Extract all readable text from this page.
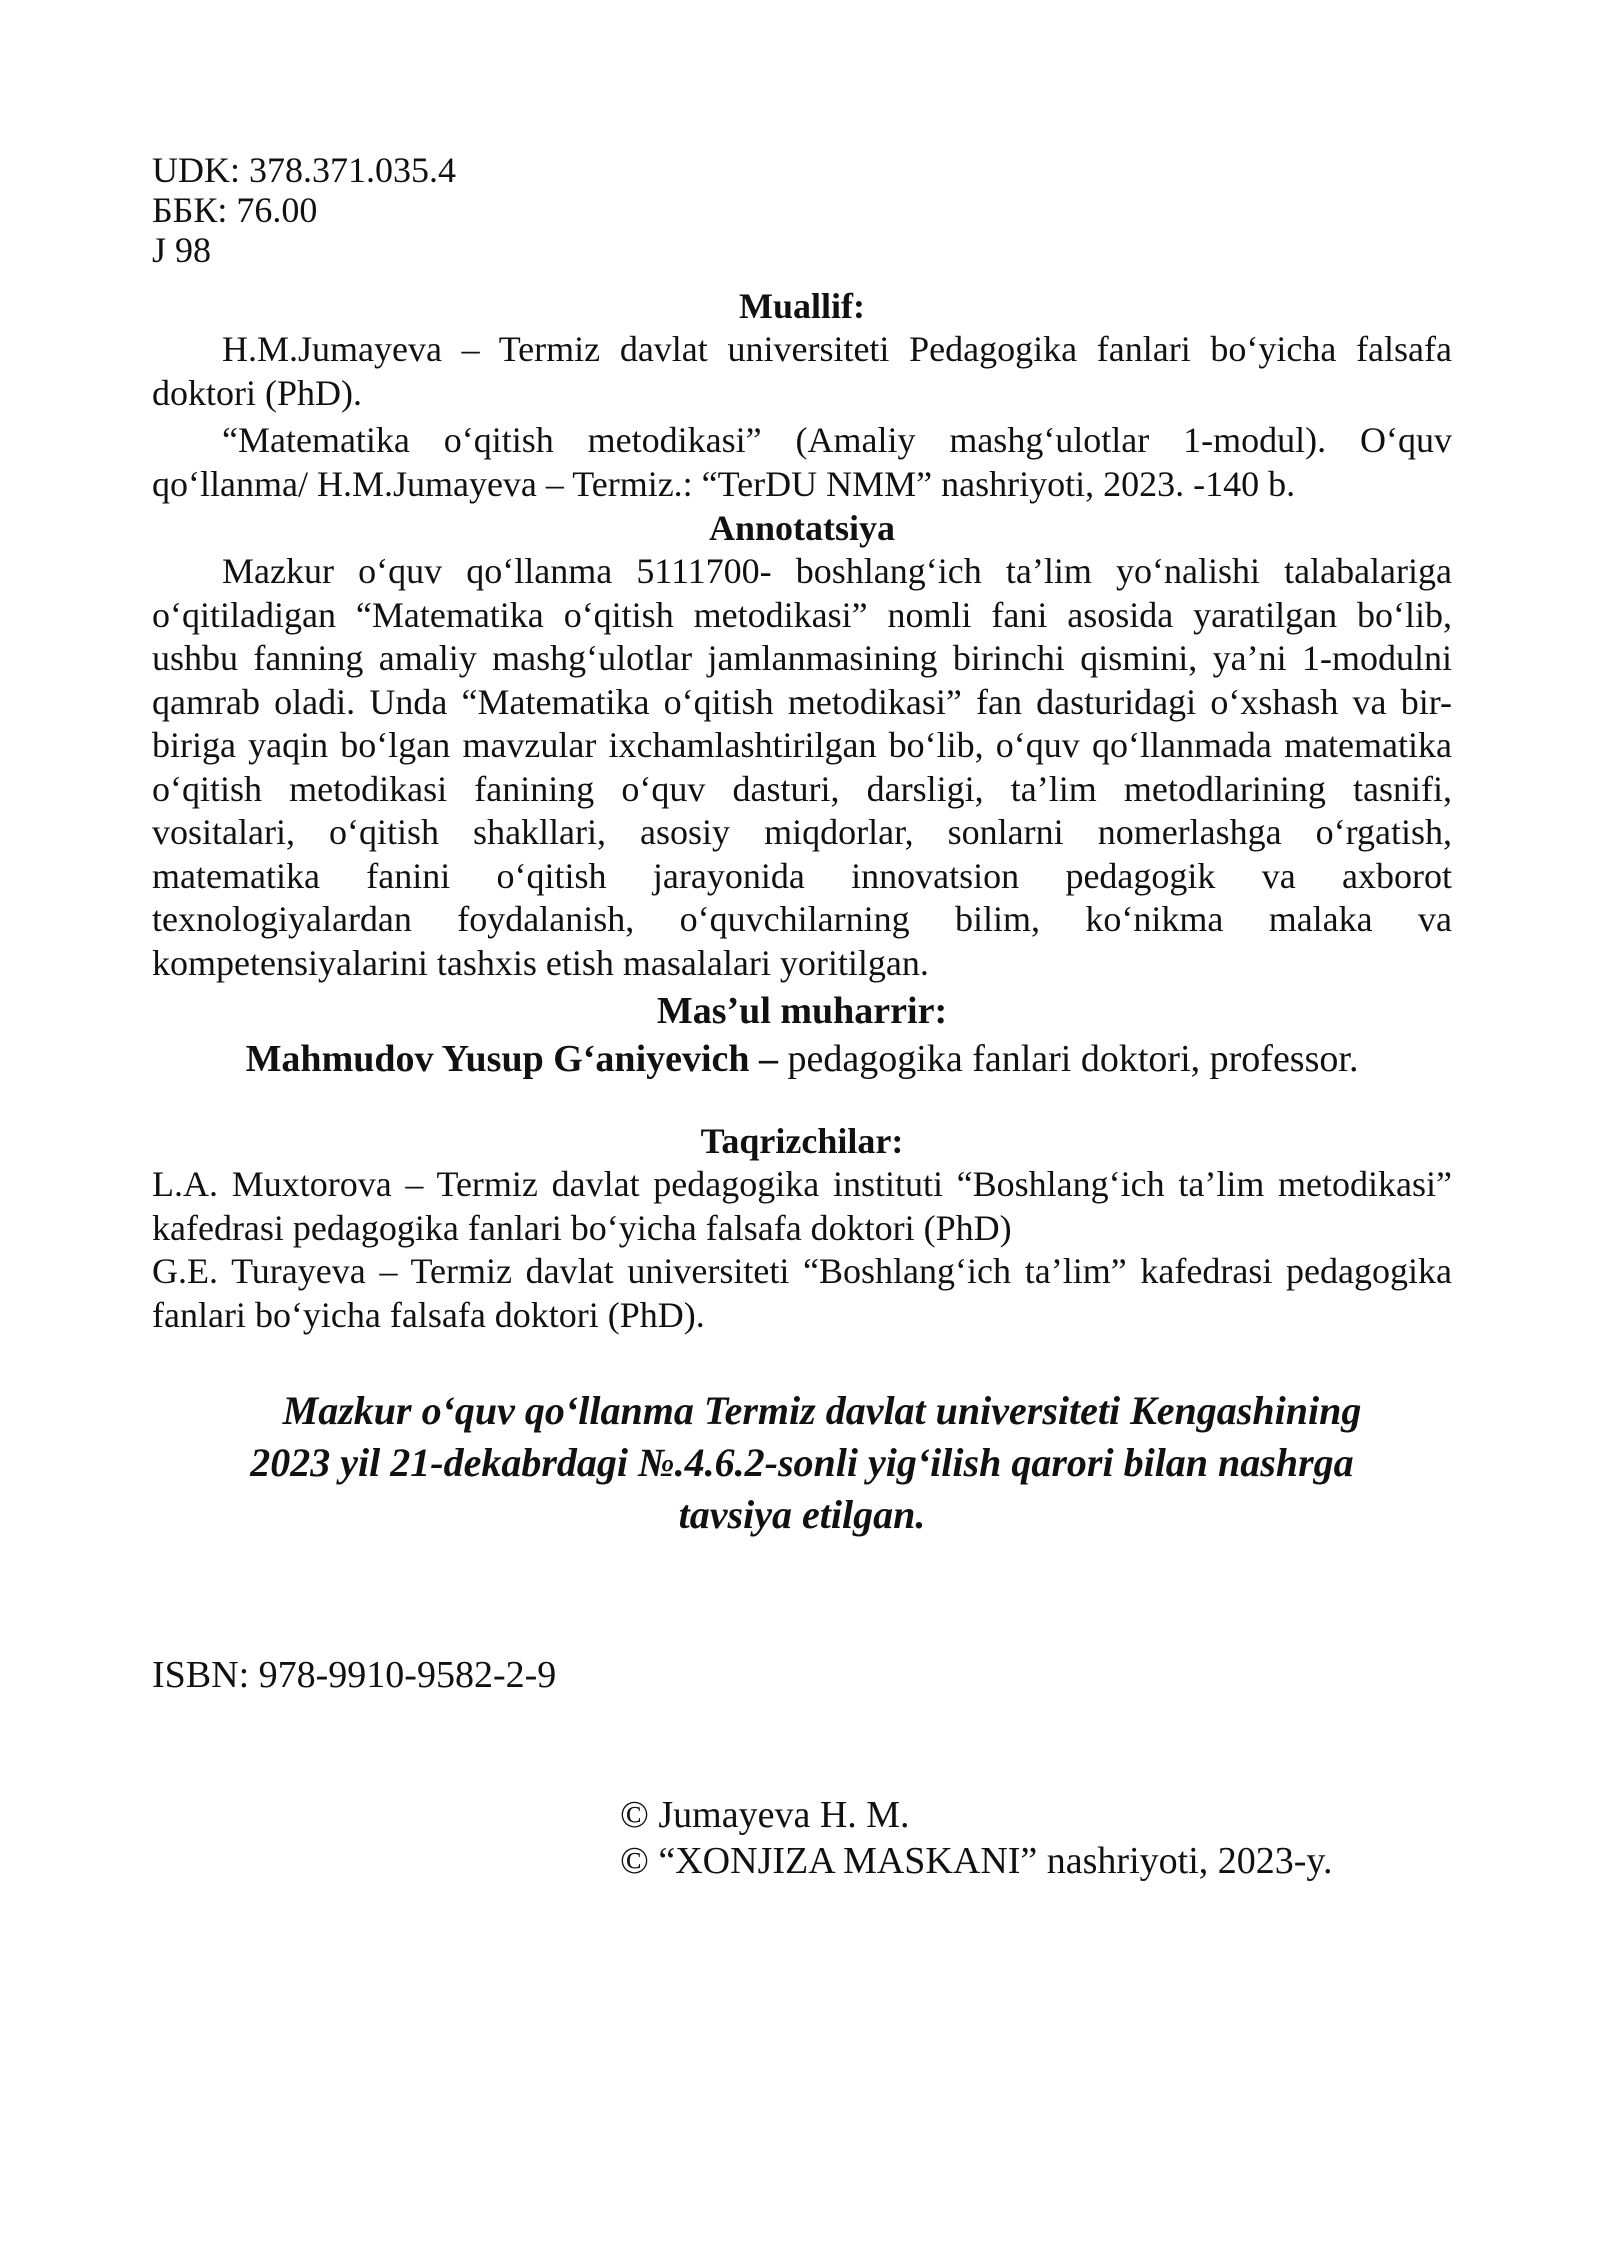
UDK: 378.371.035.4

ББК: 76.00

J 98

Muallif:

H.M.Jumayeva – Termiz davlat universiteti Pedagogika fanlari bo‘yicha falsafa doktori (PhD).

“Matematika o‘qitish metodikasi” (Amaliy mashg‘ulotlar 1-modul). O‘quv qo‘llanma/ H.M.Jumayeva – Termiz.: “TerDU NMM” nashriyoti, 2023. -140 b.

Annotatsiya

Mazkur o‘quv qo‘llanma 5111700- boshlang‘ich ta’lim yo‘nalishi talabalariga o‘qitiladigan “Matematika o‘qitish metodikasi” nomli fani asosida yaratilgan bo‘lib, ushbu fanning amaliy mashg‘ulotlar jamlanmasining birinchi qismini, ya’ni 1-modulni qamrab oladi. Unda “Matematika o‘qitish metodikasi” fan dasturidagi o‘xshash va bir-biriga yaqin bo‘lgan mavzular ixchamlashtirilgan bo‘lib, o‘quv qo‘llanmada matematika o‘qitish metodikasi fanining o‘quv dasturi, darsligi, ta’lim metodlarining tasnifi, vositalari, o‘qitish shakllari, asosiy miqdorlar, sonlarni nomerlashga o‘rgatish, matematika fanini o‘qitish jarayonida innovatsion pedagogik va axborot texnologiyalardan foydalanish, o‘quvchilarning bilim, ko‘nikma malaka va kompetensiyalarini tashxis etish masalalari yoritilgan.

Mas’ul muharrir:

Mahmudov Yusup G‘aniyevich – pedagogika fanlari doktori, professor.

Taqrizchilar:

L.A. Muxtorova – Termiz davlat pedagogika instituti “Boshlang‘ich ta’lim metodikasi” kafedrasi pedagogika fanlari bo‘yicha falsafa doktori (PhD)

G.E. Turayeva – Termiz davlat universiteti “Boshlang‘ich ta’lim” kafedrasi pedagogika fanlari bo‘yicha falsafa doktori (PhD).

Mazkur o‘quv qo‘llanma Termiz davlat universiteti Kengashining

2023 yil 21-dekabrdagi №.4.6.2-sonli yig‘ilish qarori bilan nashrga

tavsiya etilgan.

ISBN: 978-9910-9582-2-9
© Jumayeva H. M.
© “XONJIZA MASKANI” nashriyoti, 2023-y.
